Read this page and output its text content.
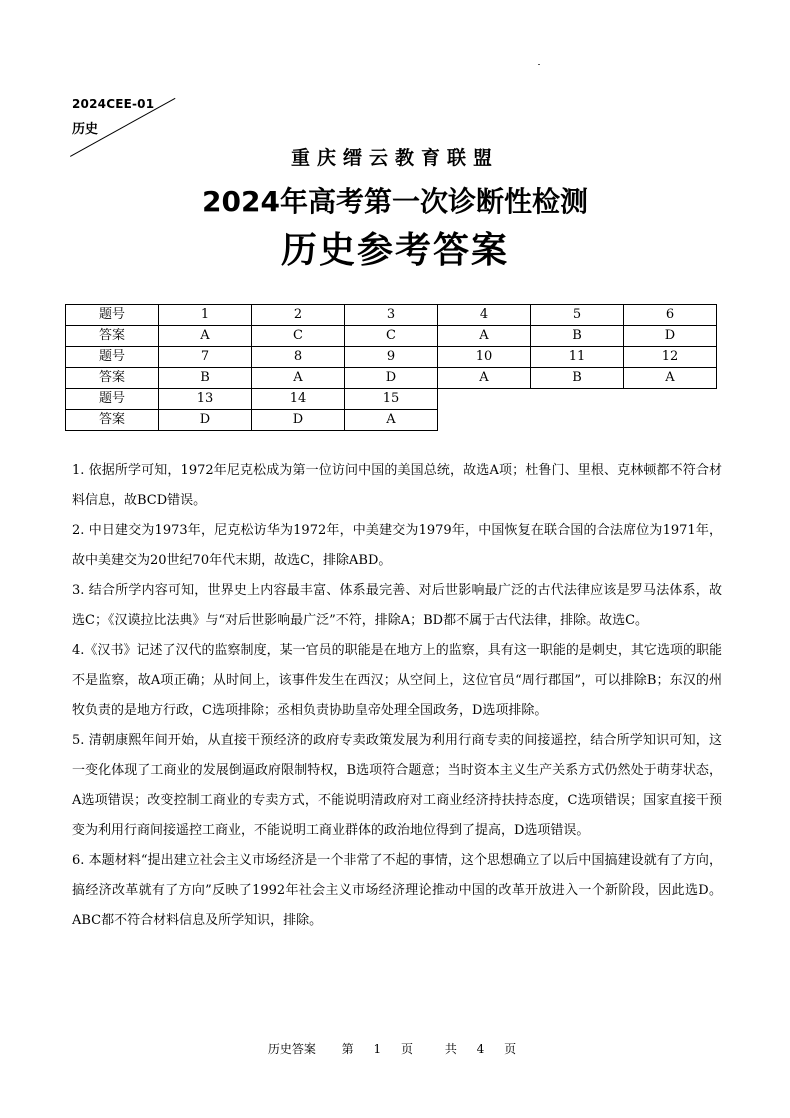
2024CEE-01
历史
重庆缙云教育联盟
2024年高考第一次诊断性检测
历史参考答案
题号	1	2	3	4	5	6
答案	A	C	C	A	B	D
题号	7	8	9	10	11	12
答案	B	A	D	A	B	A
题号	13	14	15			
答案	D	D	A			

1. 依据所学可知，1972年尼克松成为第一位访问中国的美国总统，故选A项；杜鲁门、里根、克林顿都不符合材料信息，故BCD错误。

2. 中日建交为1973年，尼克松访华为1972年，中美建交为1979年，中国恢复在联合国的合法席位为1971年，故中美建交为20世纪70年代末期，故选C，排除ABD。

3. 结合所学内容可知，世界史上内容最丰富、体系最完善、对后世影响最广泛的古代法律应该是罗马法体系，故选C；《汉谟拉比法典》与“对后世影响最广泛”不符，排除A；BD都不属于古代法律，排除。故选C。

4.《汉书》记述了汉代的监察制度，某一官员的职能是在地方上的监察，具有这一职能的是刺史，其它选项的职能不是监察，故A项正确；从时间上，该事件发生在西汉；从空间上，这位官员“周行郡国”，可以排除B；东汉的州牧负责的是地方行政，C选项排除；丞相负责协助皇帝处理全国政务，D选项排除。

5. 清朝康熙年间开始，从直接干预经济的政府专卖政策发展为利用行商专卖的间接遥控，结合所学知识可知，这一变化体现了工商业的发展倒逼政府限制特权，B选项符合题意；当时资本主义生产关系方式仍然处于萌芽状态，A选项错误；改变控制工商业的专卖方式，不能说明清政府对工商业经济持扶持态度，C选项错误；国家直接干预变为利用行商间接遥控工商业，不能说明工商业群体的政治地位得到了提高，D选项错误。

6. 本题材料“提出建立社会主义市场经济是一个非常了不起的事情，这个思想确立了以后中国搞建设就有了方向，搞经济改革就有了方向”反映了1992年社会主义市场经济理论推动中国的改革开放进入一个新阶段，因此选D。ABC都不符合材料信息及所学知识，排除。

历史答案 第 1 页	共 4 页
